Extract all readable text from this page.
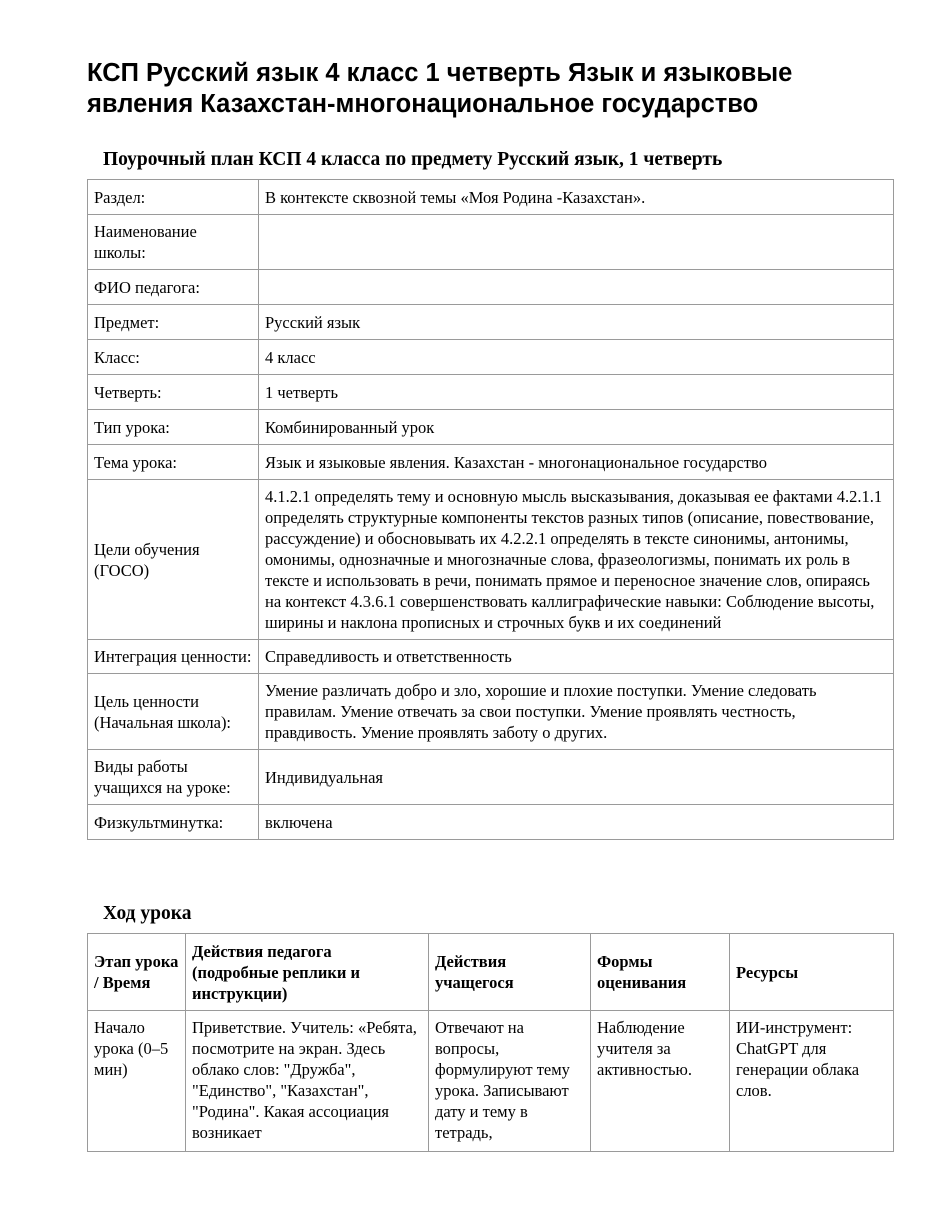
КСП Русский язык 4 класс 1 четверть Язык и языковые явления Казахстан-многонациональное государство
Поурочный план КСП 4 класса по предмету Русский язык, 1 четверть
Раздел:	В контексте сквозной темы «Моя Родина -Казахстан».
Наименование школы:	
ФИО педагога:	
Предмет:	Русский язык
Класс:	4 класс
Четверть:	1 четверть
Тип урока:	Комбинированный урок
Тема урока:	Язык и языковые явления. Казахстан - многонациональное государство
Цели обучения (ГОСО)	4.1.2.1 определять тему и основную мысль высказывания, доказывая ее фактами 4.2.1.1 определять структурные компоненты текстов разных типов (описание, повествование, рассуждение) и обосновывать их 4.2.2.1 определять в тексте синонимы, антонимы, омонимы, однозначные и многозначные слова, фразеологизмы, понимать их роль в тексте и использовать в речи, понимать прямое и переносное значение слов, опираясь на контекст 4.3.6.1 совершенствовать каллиграфические навыки: Соблюдение высоты, ширины и наклона прописных и строчных букв и их соединений
Интеграция ценности:	Справедливость и ответственность
Цель ценности (Начальная школа):	Умение различать добро и зло, хорошие и плохие поступки. Умение следовать правилам. Умение отвечать за свои поступки. Умение проявлять честность, правдивость. Умение проявлять заботу о других.
Виды работы учащихся на уроке:	Индивидуальная
Физкультминутка:	включена
Ход урока
Этап урока / Время	Действия педагога (подробные реплики и инструкции)	Действия учащегося	Формы оценивания	Ресурсы
Начало урока (0–5 мин)	Приветствие. Учитель: «Ребята, посмотрите на экран. Здесь облако слов: "Дружба", "Единство", "Казахстан", "Родина". Какая ассоциация возникает	Отвечают на вопросы, формулируют тему урока. Записывают дату и тему в тетрадь,	Наблюдение учителя за активностью.	ИИ-инструмент: ChatGPT для генерации облака слов.
